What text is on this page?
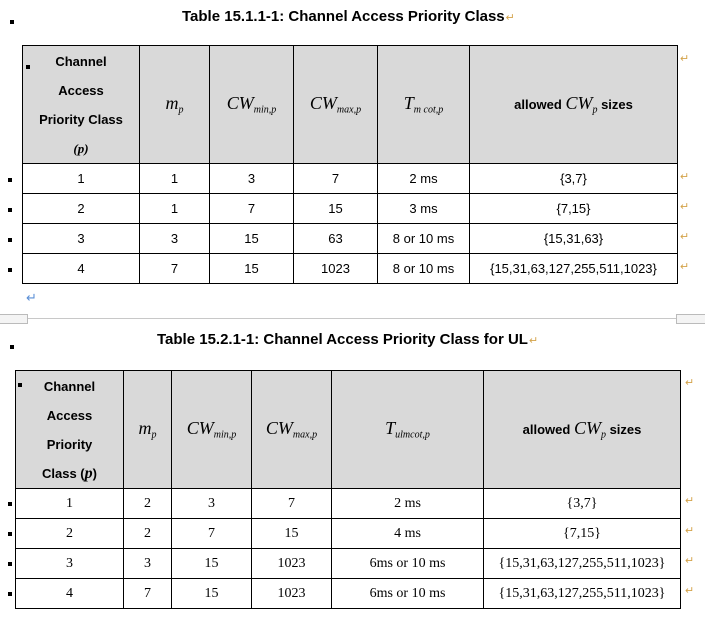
Table 15.1.1-1: Channel Access Priority Class↵
Channel
Access
Priority Class
(p)	$m_p$	$CW_{min,p}$	$CW_{max,p}$	$T_{m cot,p}$	allowed $CW_p$ sizes
1	1	3	7	2 ms	{3,7}
2	1	7	15	3 ms	{7,15}
3	3	15	63	8 or 10 ms	{15,31,63}
4	7	15	1023	8 or 10 ms	{15,31,63,127,255,511,1023}
↵
Table 15.2.1-1: Channel Access Priority Class for UL↵
Channel
Access
Priority
Class (p)	$m_p$	$CW_{min,p}$	$CW_{max,p}$	$T_{ulmcot,p}$	allowed $CW_p$ sizes
1	2	3	7	2 ms	{3,7}
2	2	7	15	4 ms	{7,15}
3	3	15	1023	6ms or 10 ms	{15,31,63,127,255,511,1023}
4	7	15	1023	6ms or 10 ms	{15,31,63,127,255,511,1023}
↵
↵
↵
↵
↵
↵
↵
↵
↵
↵
